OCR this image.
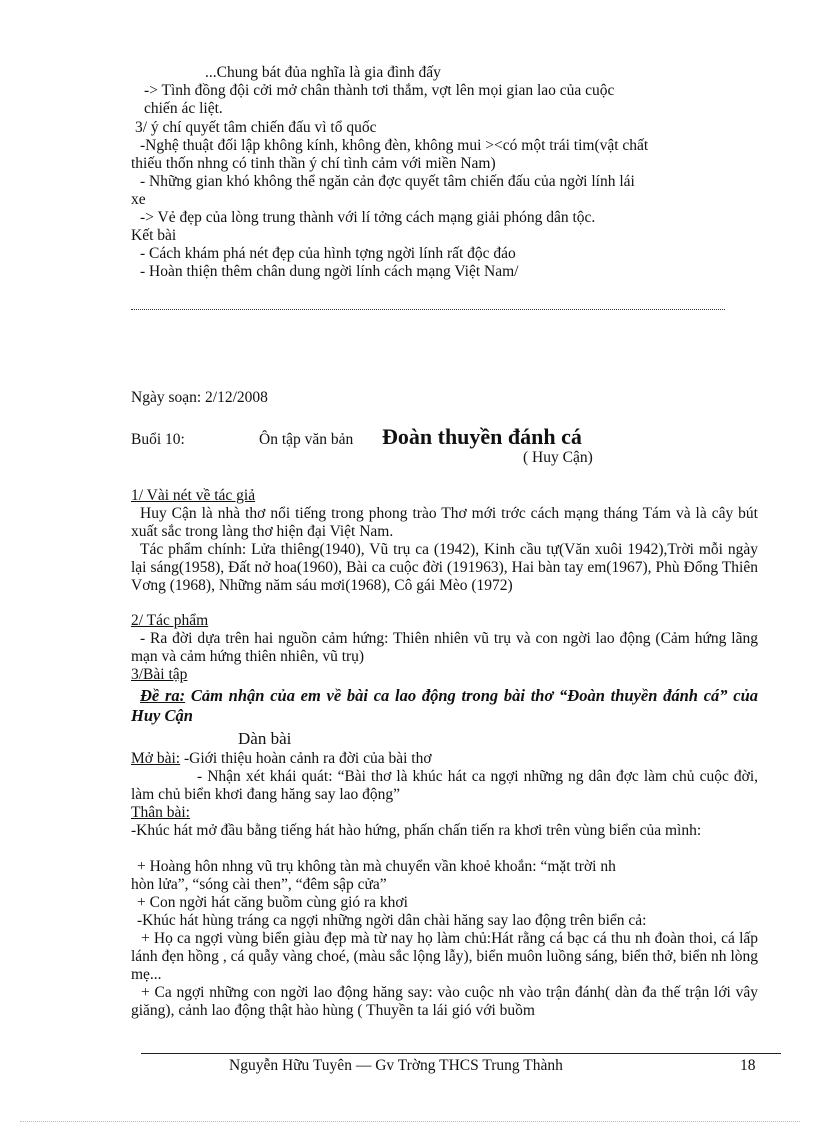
...Chung bát đủa nghĩa là gia đình đấy
-> Tình đồng đội cởi mở chân thành tơi thắm, vợt lên mọi gian lao của cuộc
chiến ác liệt.
3/ ý chí quyết tâm chiến đấu vì tổ quốc
-Nghệ thuật đối lập không kính, không đèn, không mui ><có một trái tim(vật chất
thiếu thốn nhng có tinh thần ý chí tình cảm với miền Nam)
- Những gian khó không thể ngăn cản đợc quyết tâm chiến đấu của ngời lính lái
xe
-> Vẻ đẹp của lòng trung thành với lí tởng cách mạng giải phóng dân tộc.
Kết bài
- Cách khám phá nét đẹp của hình tợng ngời lính rất độc đáo
- Hoàn thiện thêm chân dung ngời lính cách mạng Việt Nam/
Ngày soạn: 2/12/2008
Buổi 10:	Ôn tập văn bản Đoàn thuyền đánh cá
( Huy Cận)
1/ Vài nét về tác giả
Huy Cận là nhà thơ nổi tiếng trong phong trào Thơ mới trớc cách mạng tháng Tám và là cây bút xuất sắc trong làng thơ hiện đại Việt Nam.
Tác phẩm chính: Lửa thiêng(1940), Vũ trụ ca (1942), Kinh cầu tự(Văn xuôi 1942),Trời mỗi ngày lại sáng(1958), Đất nở hoa(1960), Bài ca cuộc đời (191963), Hai bàn tay em(1967), Phù Đổng Thiên Vơng (1968), Những năm sáu mơi(1968), Cô gái Mèo (1972)
2/ Tác phẩm
- Ra đời dựa trên hai nguồn cảm hứng: Thiên nhiên vũ trụ và con ngời lao động (Cảm hứng lãng mạn và cảm hứng thiên nhiên, vũ trụ)
3/Bài tập
Đề ra: Cảm nhận của em về bài ca lao động trong bài thơ “Đoàn thuyền đánh cá” của Huy Cận
Dàn bài
Mở bài: -Giới thiệu hoàn cảnh ra đời của bài thơ
- Nhận xét khái quát: “Bài thơ là khúc hát ca ngợi những ng dân đợc làm chủ cuộc đời, làm chủ biển khơi đang hăng say lao động”
Thân bài:
-Khúc hát mở đầu bằng tiếng hát hào hứng, phấn chấn tiến ra khơi trên vùng biển của mình:
+ Hoàng hôn nhng vũ trụ không tàn mà chuyển vần khoẻ khoắn: “mặt trời nh
hòn lửa”, “sóng cài then”, “đêm sập cửa”
+ Con ngời hát căng buồm cùng gió ra khơi
-Khúc hát hùng tráng ca ngợi những ngời dân chài hăng say lao động trên biển cả:
+ Họ ca ngợi vùng biển giàu đẹp mà từ nay họ làm chủ:Hát rằng cá bạc cá thu nh đoàn thoi, cá lấp lánh đẹn hồng , cá quẫy vàng choé, (màu sắc lộng lẫy), biển muôn luồng sáng, biển thở, biển nh lòng mẹ...
+ Ca ngợi những con ngời lao động hăng say: vào cuộc nh vào trận đánh( dàn đa thế trận lới vây giăng), cảnh lao động thật hào hùng ( Thuyền ta lái gió với buồm
Nguyễn Hữu Tuyên — Gv Trờng THCS Trung Thành	18
